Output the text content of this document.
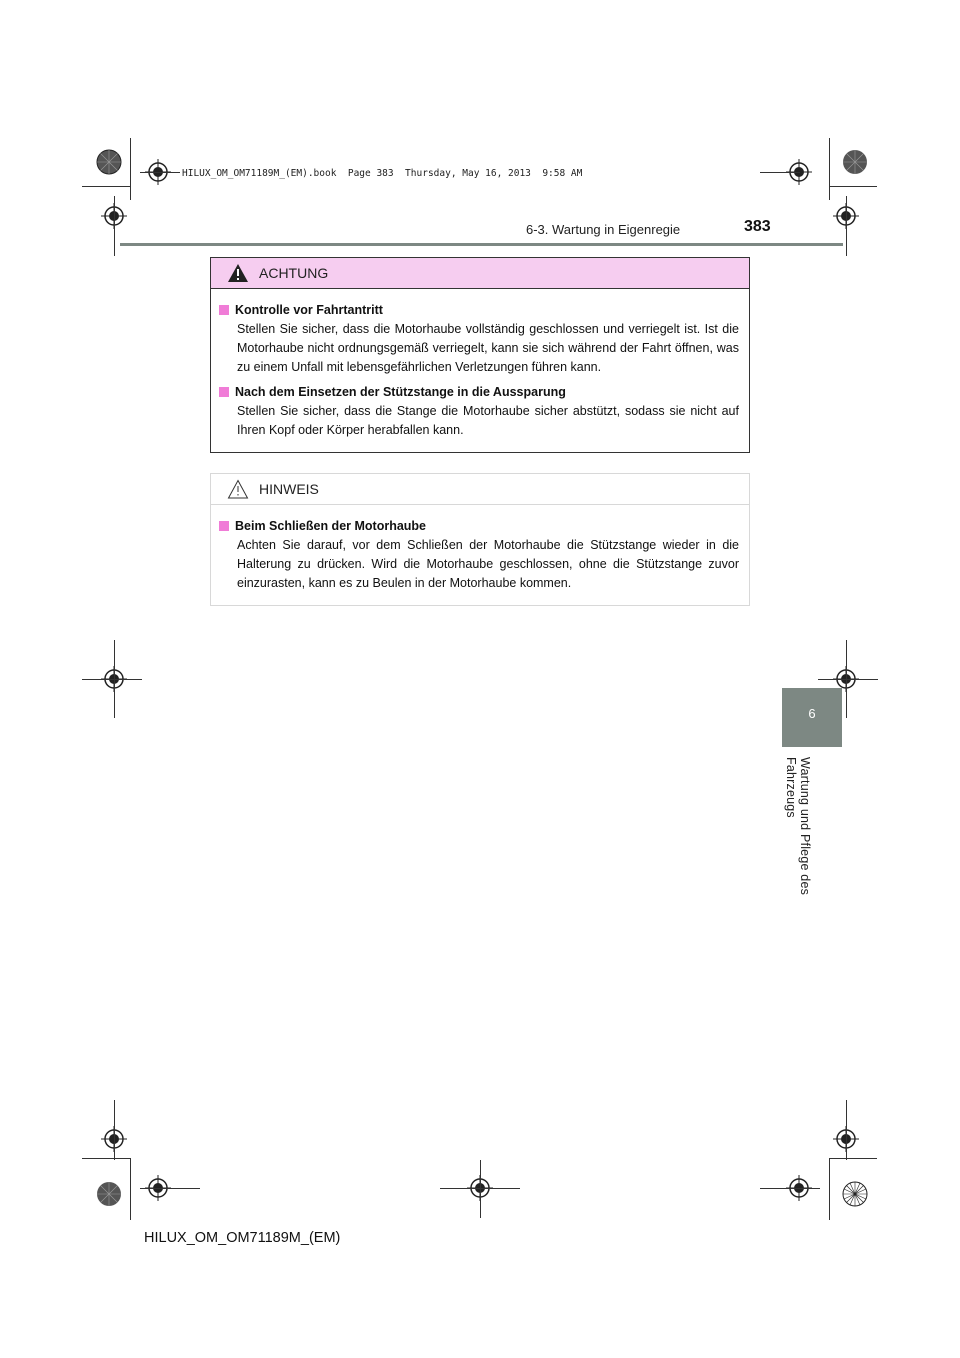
HILUX_OM_OM71189M_(EM).book  Page 383  Thursday, May 16, 2013  9:58 AM
6-3. Wartung in Eigenregie	383
ACHTUNG
Kontrolle vor Fahrtantritt
Stellen Sie sicher, dass die Motorhaube vollständig geschlossen und verriegelt ist. Ist die Motorhaube nicht ordnungsgemäß verriegelt, kann sie sich während der Fahrt öffnen, was zu einem Unfall mit lebensgefährlichen Verletzungen führen kann.
Nach dem Einsetzen der Stützstange in die Aussparung
Stellen Sie sicher, dass die Stange die Motorhaube sicher abstützt, sodass sie nicht auf Ihren Kopf oder Körper herabfallen kann.
HINWEIS
Beim Schließen der Motorhaube
Achten Sie darauf, vor dem Schließen der Motorhaube die Stützstange wieder in die Halterung zu drücken. Wird die Motorhaube geschlossen, ohne die Stützstange zuvor einzurasten, kann es zu Beulen in der Motorhaube kommen.
6
Wartung und Pflege des Fahrzeugs
HILUX_OM_OM71189M_(EM)
